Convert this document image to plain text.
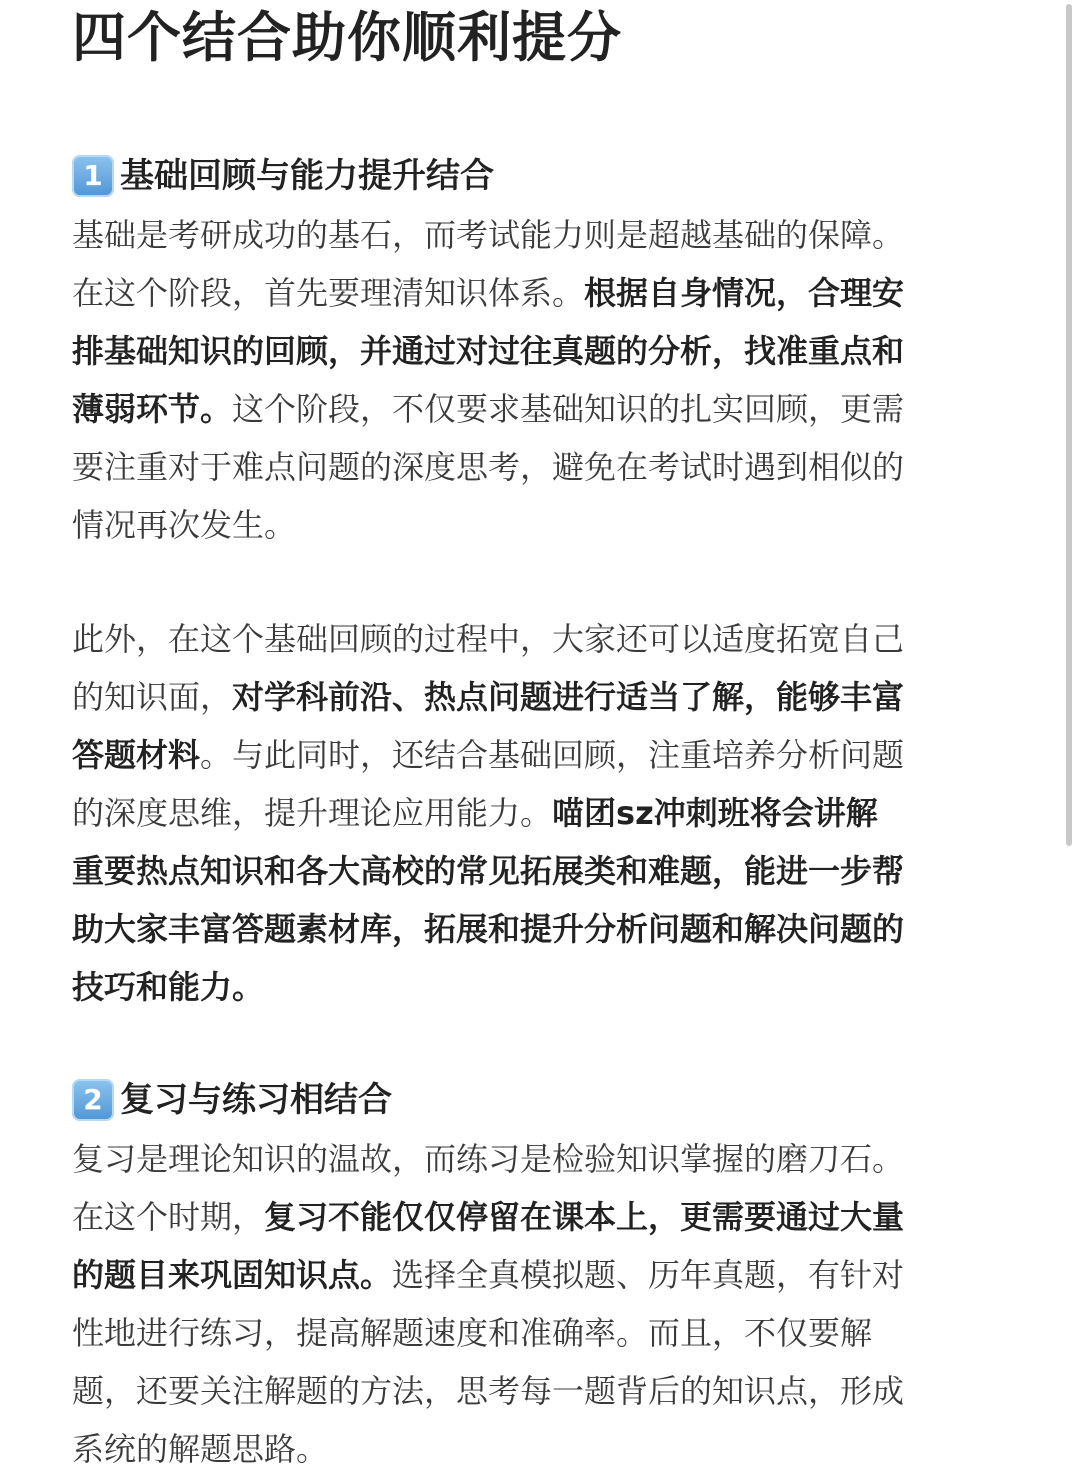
四个结合助你顺利提分
1 基础回顾与能力提升结合
基础是考研成功的基石，而考试能力则是超越基础的保障。
在这个阶段，首先要理清知识体系。根据自身情况，合理安
排基础知识的回顾，并通过对过往真题的分析，找准重点和
薄弱环节。这个阶段，不仅要求基础知识的扎实回顾，更需
要注重对于难点问题的深度思考，避免在考试时遇到相似的
情况再次发生。
此外，在这个基础回顾的过程中，大家还可以适度拓宽自己
的知识面，对学科前沿、热点问题进行适当了解，能够丰富
答题材料。与此同时，还结合基础回顾，注重培养分析问题
的深度思维，提升理论应用能力。喵团sz冲刺班将会讲解
重要热点知识和各大高校的常见拓展类和难题，能进一步帮
助大家丰富答题素材库，拓展和提升分析问题和解决问题的
技巧和能力。
2 复习与练习相结合
复习是理论知识的温故，而练习是检验知识掌握的磨刀石。
在这个时期，复习不能仅仅停留在课本上，更需要通过大量
的题目来巩固知识点。选择全真模拟题、历年真题，有针对
性地进行练习，提高解题速度和准确率。而且，不仅要解
题，还要关注解题的方法，思考每一题背后的知识点，形成
系统的解题思路。
